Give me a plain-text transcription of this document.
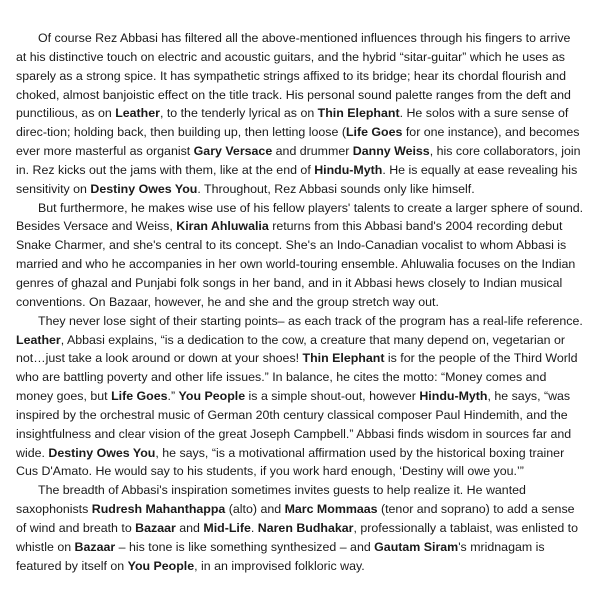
Of course Rez Abbasi has filtered all the above-mentioned influences through his fingers to arrive at his distinctive touch on electric and acoustic guitars, and the hybrid “sitar-guitar” which he uses as sparely as a strong spice. It has sympathetic strings affixed to its bridge; hear its chordal flourish and choked, almost banjoistic effect on the title track. His personal sound palette ranges from the deft and punctilious, as on Leather, to the tenderly lyrical as on Thin Elephant. He solos with a sure sense of direc-tion; holding back, then building up, then letting loose (Life Goes for one instance), and becomes ever more masterful as organist Gary Versace and drummer Danny Weiss, his core collaborators, join in. Rez kicks out the jams with them, like at the end of Hindu-Myth. He is equally at ease revealing his sensitivity on Destiny Owes You. Throughout, Rez Abbasi sounds only like himself.

But furthermore, he makes wise use of his fellow players' talents to create a larger sphere of sound. Besides Versace and Weiss, Kiran Ahluwalia returns from this Abbasi band's 2004 recording debut Snake Charmer, and she's central to its concept. She's an Indo-Canadian vocalist to whom Abbasi is married and who he accompanies in her own world-touring ensemble. Ahluwalia focuses on the Indian genres of ghazal and Punjabi folk songs in her band, and in it Abbasi hews closely to Indian musical conventions. On Bazaar, however, he and she and the group stretch way out.

They never lose sight of their starting points– as each track of the program has a real-life reference. Leather, Abbasi explains, “is a dedication to the cow, a creature that many depend on, vegetarian or not…just take a look around or down at your shoes! Thin Elephant is for the people of the Third World who are battling poverty and other life issues.” In balance, he cites the motto: “Money comes and money goes, but Life Goes.” You People is a simple shout-out, however Hindu-Myth, he says, “was inspired by the orchestral music of German 20th century classical composer Paul Hindemith, and the insightfulness and clear vision of the great Joseph Campbell.” Abbasi finds wisdom in sources far and wide. Destiny Owes You, he says, “is a motivational affirmation used by the historical boxing trainer Cus D'Amato. He would say to his students, if you work hard enough, ‘Destiny will owe you.’”

The breadth of Abbasi's inspiration sometimes invites guests to help realize it. He wanted saxophonists Rudresh Mahanthappa (alto) and Marc Mommaas (tenor and soprano) to add a sense of wind and breath to Bazaar and Mid-Life. Naren Budhakar, professionally a tablaist, was enlisted to whistle on Bazaar – his tone is like something synthesized – and Gautam Siram's mridnagam is featured by itself on You People, in an improvised folkloric way.
